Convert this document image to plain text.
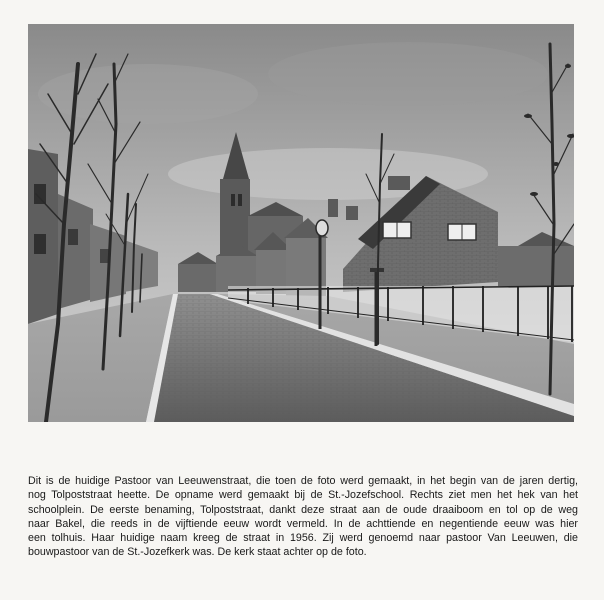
Dit is de huidige Pastoor van Leeuwenstraat, die toen de foto werd gemaakt, in het begin van de jaren dertig,
nog Tolpoststraat heette. De opname werd gemaakt bij de St.-Jozefschool. Rechts ziet men het hek van het
schoolplein. De eerste benaming, Tolpoststraat, dankt deze straat aan de oude draaiboom en tol op de weg
naar Bakel, die reeds in de vijftiende eeuw wordt vermeld. In de achttiende en negentiende eeuw was hier
een tolhuis. Haar huidige naam kreeg de straat in 1956. Zij werd genoemd naar pastoor Van Leeuwen, die
bouwpastoor van de St.-Jozefkerk was. De kerk staat achter op de foto.
